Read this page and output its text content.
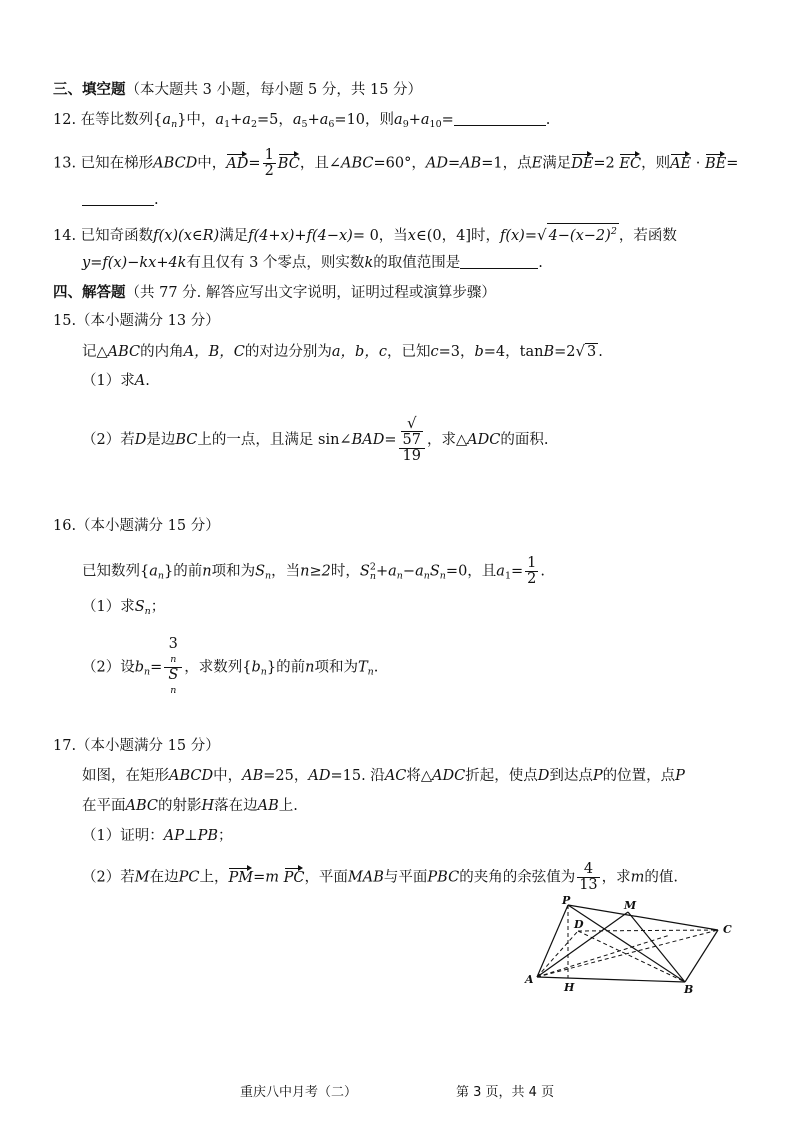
三、填空题（本大题共 3 小题，每小题 5 分，共 15 分）
12. 在等比数列$\{a_n\}$中，$a_1+a_2=5$，$a_5+a_6=10$，则$a_9+a_{10}=$	.
13. 已知在梯形ABCD中，$AD= \frac{1}{2}$ BC，且∠ABC=60°，AD=AB=1，点E满足DE=2 EC，则AE · BE=
.
14. 已知奇函数f(x)(x∈R)满足f(4+x)+f(4−x)= 0，当x∈(0，4]时，f(x)=√ $4-(x-2)^2$ ，若函数
y=f(x)−kx+4k有且仅有 3 个零点，则实数k的取值范围是	.
四、解答题（共 77 分. 解答应写出文字说明，证明过程或演算步骤）
15.（本小题满分 13 分）
记△ABC的内角A，B，C的对边分别为a，b，c，已知c=3，b=4，tanB=2√ 3 .
（1）求A.
（2）若D是边BC上的一点，且满足 sin∠BAD= √
57
19 ，求△ADC的面积.
16.（本小题满分 15 分）
已知数列$\{a_n\}$的前n项和为$S_n$，当n≥2时，$S^2_n+a_n-a_nS_n=0$，且$a_1= \frac{1}{2}$ .
（1）求$S_n$；
（2）设$b_n= 3$
n
S
n ，求数列$\{b_n\}$的前n项和为$T_n$.
17.（本小题满分 15 分）
如图，在矩形ABCD中，AB=25，AD=15. 沿AC将△ADC折起，使点D到达点P的位置，点P
在平面ABC的射影H落在边AB上.
（1）证明：AP⊥PB；
（2）若M在边PC上，PM=m PC，平面MAB与平面PBC的夹角的余弦值为 $\frac{4}{13}$ ，求m的值.
P	M
D	C
A
H	B
重庆八中月考（二）	第 3 页，共 4 页
